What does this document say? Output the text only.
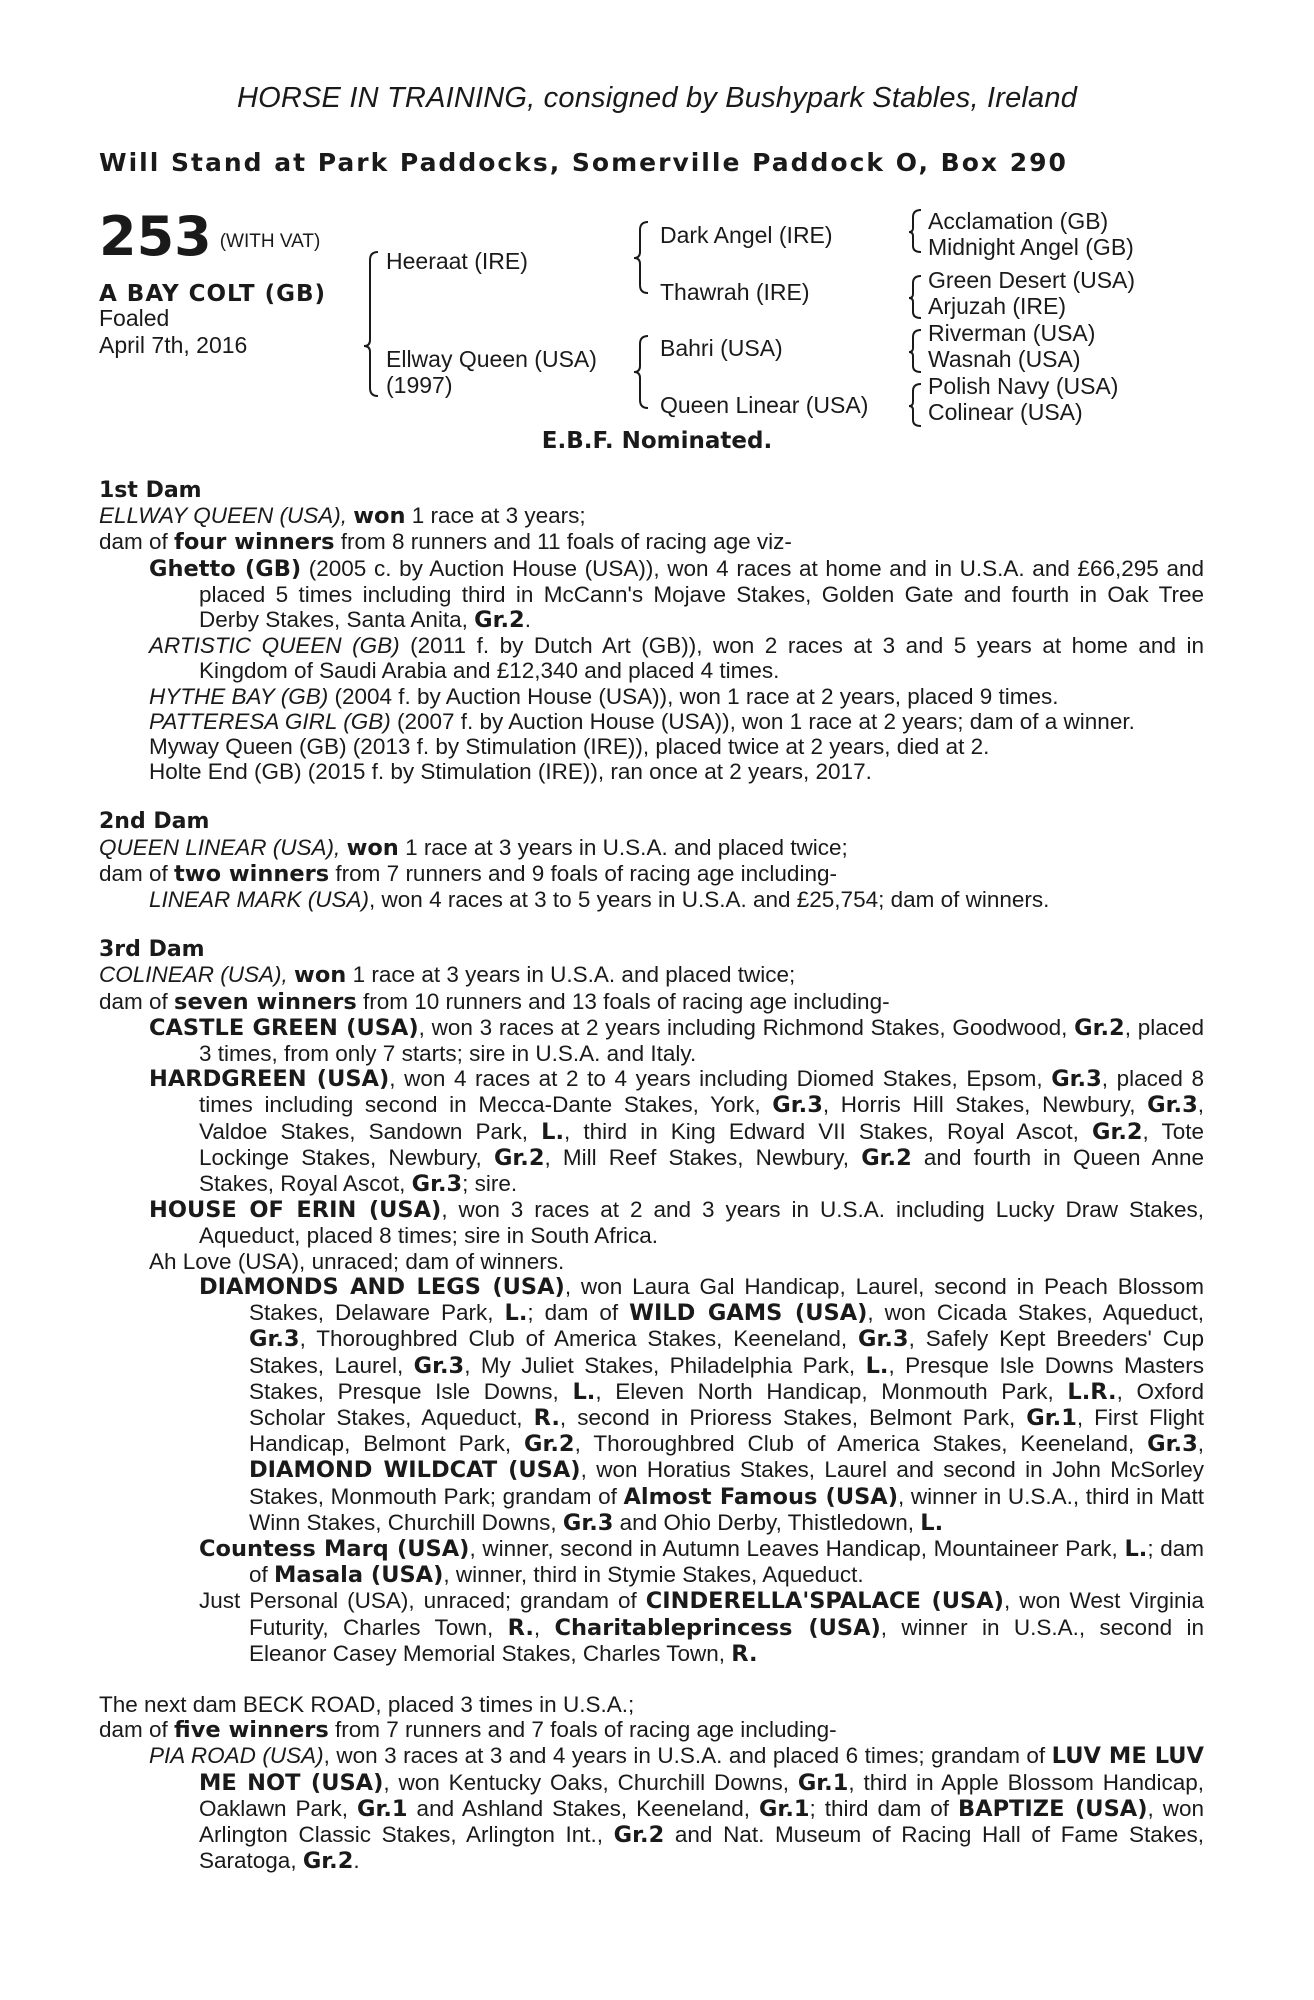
HORSE IN TRAINING, consigned by Bushypark Stables, Ireland
Will Stand at Park Paddocks, Somerville Paddock O, Box 290
253 (WITH VAT)
A BAY COLT (GB)
Foaled
April 7th, 2016
Heeraat (IRE)
Ellway Queen (USA)
(1997)
Dark Angel (IRE)
Thawrah (IRE)
Bahri (USA)
Queen Linear (USA)
Acclamation (GB)
Midnight Angel (GB)
Green Desert (USA)
Arjuzah (IRE)
Riverman (USA)
Wasnah (USA)
Polish Navy (USA)
Colinear (USA)
E.B.F. Nominated.
1st Dam
ELLWAY QUEEN (USA), won 1 race at 3 years;
dam of four winners from 8 runners and 11 foals of racing age viz-
Ghetto (GB) (2005 c. by Auction House (USA)), won 4 races at home and in U.S.A. and £66,295 and placed 5 times including third in McCann's Mojave Stakes, Golden Gate and fourth in Oak Tree Derby Stakes, Santa Anita, Gr.2.
ARTISTIC QUEEN (GB) (2011 f. by Dutch Art (GB)), won 2 races at 3 and 5 years at home and in Kingdom of Saudi Arabia and £12,340 and placed 4 times.
HYTHE BAY (GB) (2004 f. by Auction House (USA)), won 1 race at 2 years, placed 9 times.
PATTERESA GIRL (GB) (2007 f. by Auction House (USA)), won 1 race at 2 years; dam of a winner.
Myway Queen (GB) (2013 f. by Stimulation (IRE)), placed twice at 2 years, died at 2.
Holte End (GB) (2015 f. by Stimulation (IRE)), ran once at 2 years, 2017.
2nd Dam
QUEEN LINEAR (USA), won 1 race at 3 years in U.S.A. and placed twice;
dam of two winners from 7 runners and 9 foals of racing age including-
LINEAR MARK (USA), won 4 races at 3 to 5 years in U.S.A. and £25,754; dam of winners.
3rd Dam
COLINEAR (USA), won 1 race at 3 years in U.S.A. and placed twice;
dam of seven winners from 10 runners and 13 foals of racing age including-
CASTLE GREEN (USA), won 3 races at 2 years including Richmond Stakes, Goodwood, Gr.2, placed 3 times, from only 7 starts; sire in U.S.A. and Italy.
HARDGREEN (USA), won 4 races at 2 to 4 years including Diomed Stakes, Epsom, Gr.3, placed 8 times including second in Mecca-Dante Stakes, York, Gr.3, Horris Hill Stakes, Newbury, Gr.3, Valdoe Stakes, Sandown Park, L., third in King Edward VII Stakes, Royal Ascot, Gr.2, Tote Lockinge Stakes, Newbury, Gr.2, Mill Reef Stakes, Newbury, Gr.2 and fourth in Queen Anne Stakes, Royal Ascot, Gr.3; sire.
HOUSE OF ERIN (USA), won 3 races at 2 and 3 years in U.S.A. including Lucky Draw Stakes, Aqueduct, placed 8 times; sire in South Africa.
Ah Love (USA), unraced; dam of winners.
DIAMONDS AND LEGS (USA), won Laura Gal Handicap, Laurel, second in Peach Blossom Stakes, Delaware Park, L.; dam of WILD GAMS (USA), won Cicada Stakes, Aqueduct, Gr.3, Thoroughbred Club of America Stakes, Keeneland, Gr.3, Safely Kept Breeders' Cup Stakes, Laurel, Gr.3, My Juliet Stakes, Philadelphia Park, L., Presque Isle Downs Masters Stakes, Presque Isle Downs, L., Eleven North Handicap, Monmouth Park, L.R., Oxford Scholar Stakes, Aqueduct, R., second in Prioress Stakes, Belmont Park, Gr.1, First Flight Handicap, Belmont Park, Gr.2, Thoroughbred Club of America Stakes, Keeneland, Gr.3, DIAMOND WILDCAT (USA), won Horatius Stakes, Laurel and second in John McSorley Stakes, Monmouth Park; grandam of Almost Famous (USA), winner in U.S.A., third in Matt Winn Stakes, Churchill Downs, Gr.3 and Ohio Derby, Thistledown, L.
Countess Marq (USA), winner, second in Autumn Leaves Handicap, Mountaineer Park, L.; dam of Masala (USA), winner, third in Stymie Stakes, Aqueduct.
Just Personal (USA), unraced; grandam of CINDERELLA'SPALACE (USA), won West Virginia Futurity, Charles Town, R., Charitableprincess (USA), winner in U.S.A., second in Eleanor Casey Memorial Stakes, Charles Town, R.
The next dam BECK ROAD, placed 3 times in U.S.A.;
dam of five winners from 7 runners and 7 foals of racing age including-
PIA ROAD (USA), won 3 races at 3 and 4 years in U.S.A. and placed 6 times; grandam of LUV ME LUV ME NOT (USA), won Kentucky Oaks, Churchill Downs, Gr.1, third in Apple Blossom Handicap, Oaklawn Park, Gr.1 and Ashland Stakes, Keeneland, Gr.1; third dam of BAPTIZE (USA), won Arlington Classic Stakes, Arlington Int., Gr.2 and Nat. Museum of Racing Hall of Fame Stakes, Saratoga, Gr.2.
